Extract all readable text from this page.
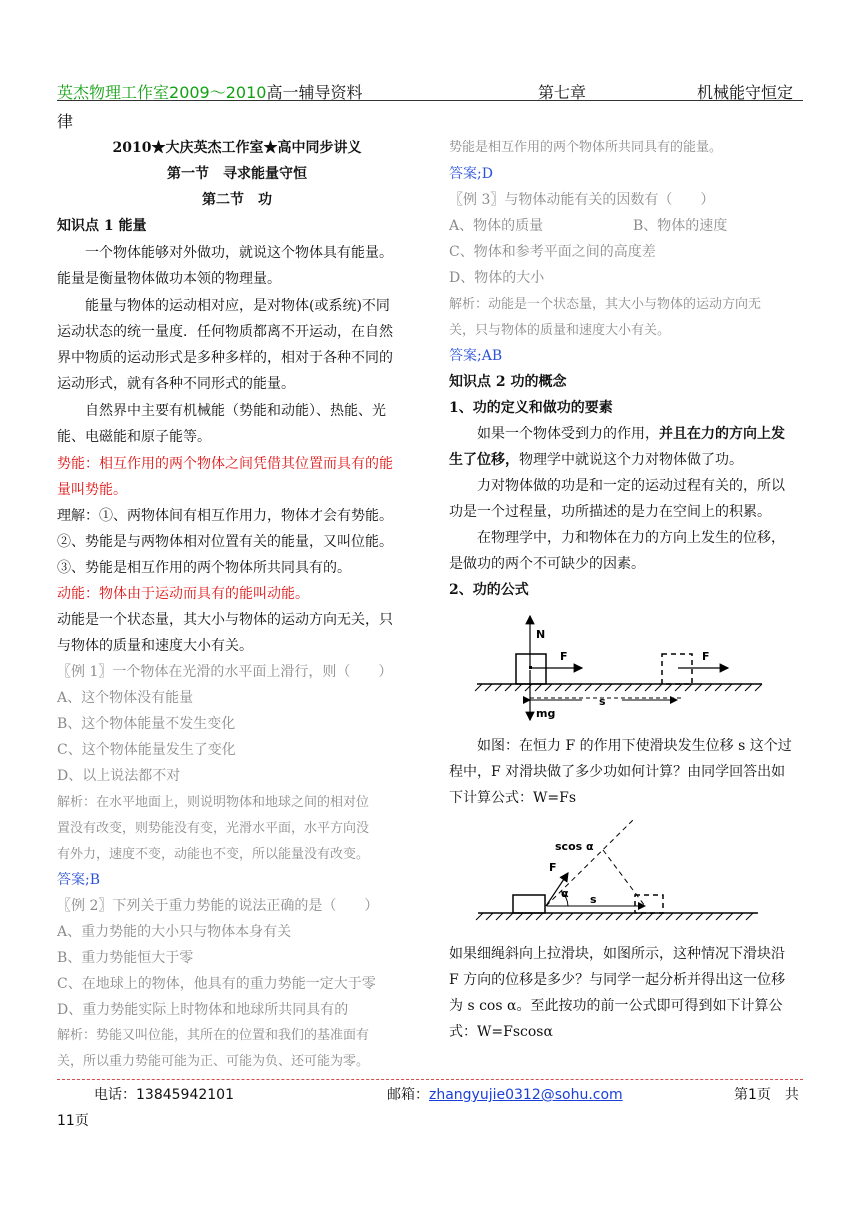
英杰物理工作室2009～2010高一辅导资料	第七章	机械能守恒定
律
2010★大庆英杰工作室★高中同步讲义
第一节　寻求能量守恒
第二节　功
知识点 1 能量
一个物体能够对外做功，就说这个物体具有能量。
能量是衡量物体做功本领的物理量。
能量与物体的运动相对应，是对物体(或系统)不同
运动状态的统一量度．任何物质都离不开运动，在自然
界中物质的运动形式是多种多样的，相对于各种不同的
运动形式，就有各种不同形式的能量。
自然界中主要有机械能（势能和动能）、热能、光
能、电磁能和原子能等。
势能：相互作用的两个物体之间凭借其位置而具有的能
量叫势能。
理解：①、两物体间有相互作用力，物体才会有势能。
②、势能是与两物体相对位置有关的能量，又叫位能。
③、势能是相互作用的两个物体所共同具有的。
动能：物体由于运动而具有的能叫动能。
动能是一个状态量，其大小与物体的运动方向无关，只
与物体的质量和速度大小有关。
〖例 1〗一个物体在光滑的水平面上滑行，则（　　）
A、这个物体没有能量
B、这个物体能量不发生变化
C、这个物体能量发生了变化
D、以上说法都不对
解析：在水平地面上，则说明物体和地球之间的相对位
置没有改变，则势能没有变，光滑水平面，水平方向没
有外力，速度不变，动能也不变，所以能量没有改变。
答案;B
〖例 2〗下列关于重力势能的说法正确的是（　　）
A、重力势能的大小只与物体本身有关
B、重力势能恒大于零
C、在地球上的物体，他具有的重力势能一定大于零
D、重力势能实际上时物体和地球所共同具有的
解析：势能又叫位能，其所在的位置和我们的基准面有
关，所以重力势能可能为正、可能为负、还可能为零。
势能是相互作用的两个物体所共同具有的能量。
答案;D
〖例 3〗与物体动能有关的因数有（　　）
A、物体的质量	B、物体的速度
C、物体和参考平面之间的高度差
D、物体的大小
解析：动能是一个状态量，其大小与物体的运动方向无
关，只与物体的质量和速度大小有关。
答案;AB
知识点 2 功的概念
1、功的定义和做功的要素
如果一个物体受到力的作用，并且在力的方向上发
生了位移，物理学中就说这个力对物体做了功。
力对物体做的功是和一定的运动过程有关的，所以
功是一个过程量，功所描述的是力在空间上的积累。
在物理学中，力和物体在力的方向上发生的位移，
是做功的两个不可缺少的因素。
2、功的公式
N
mg
F	F
s
如图：在恒力 F 的作用下使滑块发生位移 s 这个过
程中，F 对滑块做了多少功如何计算？由同学回答出如
下计算公式：W=Fs
s
F
α
scos α
如果细绳斜向上拉滑块，如图所示，这种情况下滑块沿
F 方向的位移是多少？与同学一起分析并得出这一位移
为 s cos α。至此按功的前一公式即可得到如下计算公
式：W=Fscosα
电话：13845942101	邮箱：zhangyujie0312@sohu.com	第1页　共
11页
